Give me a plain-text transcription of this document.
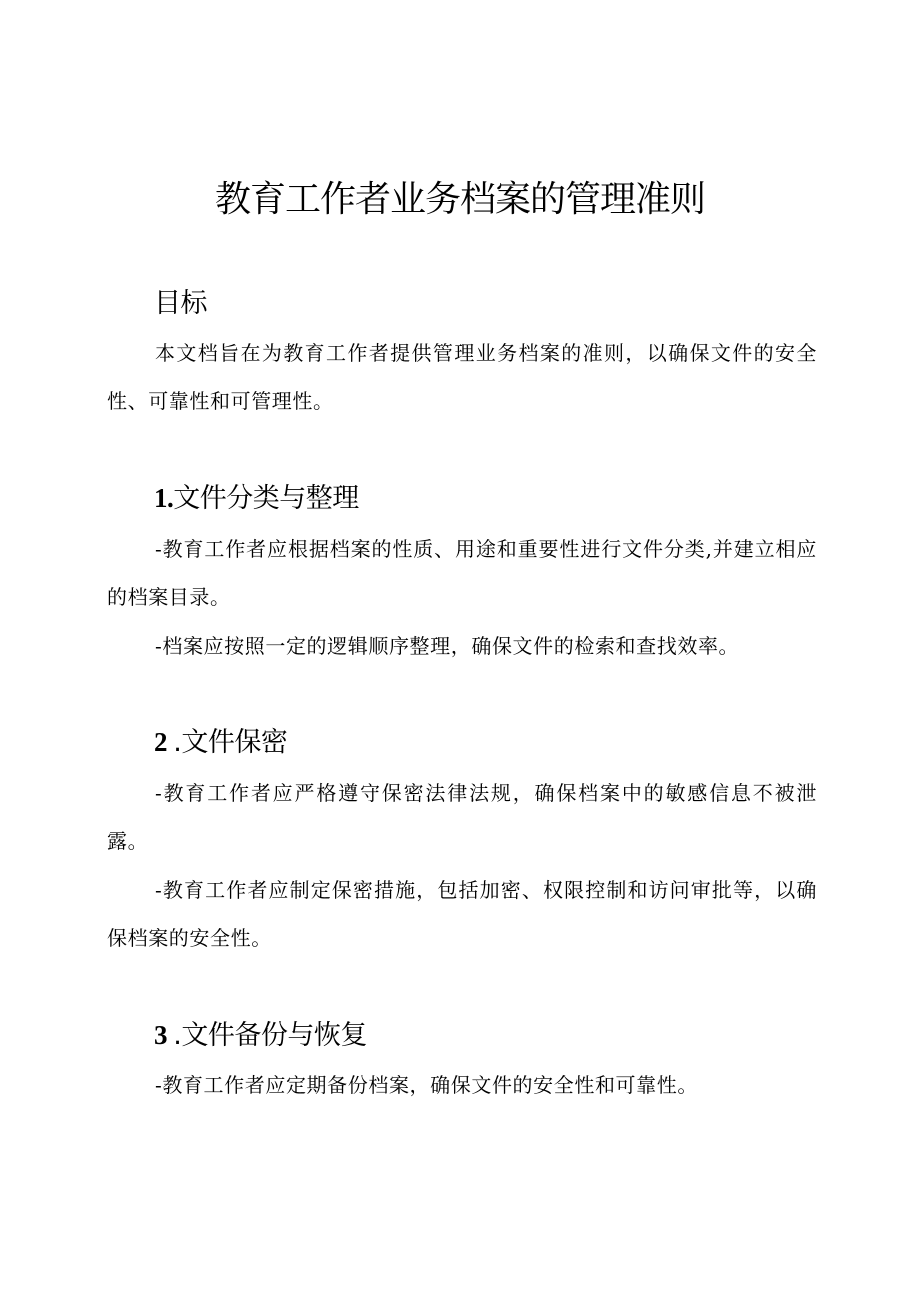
教育工作者业务档案的管理准则
目标

本文档旨在为教育工作者提供管理业务档案的准则，以确保文件的安全性、可靠性和可管理性。

1.文件分类与整理

-教育工作者应根据档案的性质、用途和重要性进行文件分类,并建立相应的档案目录。

-档案应按照一定的逻辑顺序整理，确保文件的检索和查找效率。

2 .文件保密

-教育工作者应严格遵守保密法律法规，确保档案中的敏感信息不被泄露。

-教育工作者应制定保密措施，包括加密、权限控制和访问审批等，以确保档案的安全性。

3 .文件备份与恢复

-教育工作者应定期备份档案，确保文件的安全性和可靠性。
